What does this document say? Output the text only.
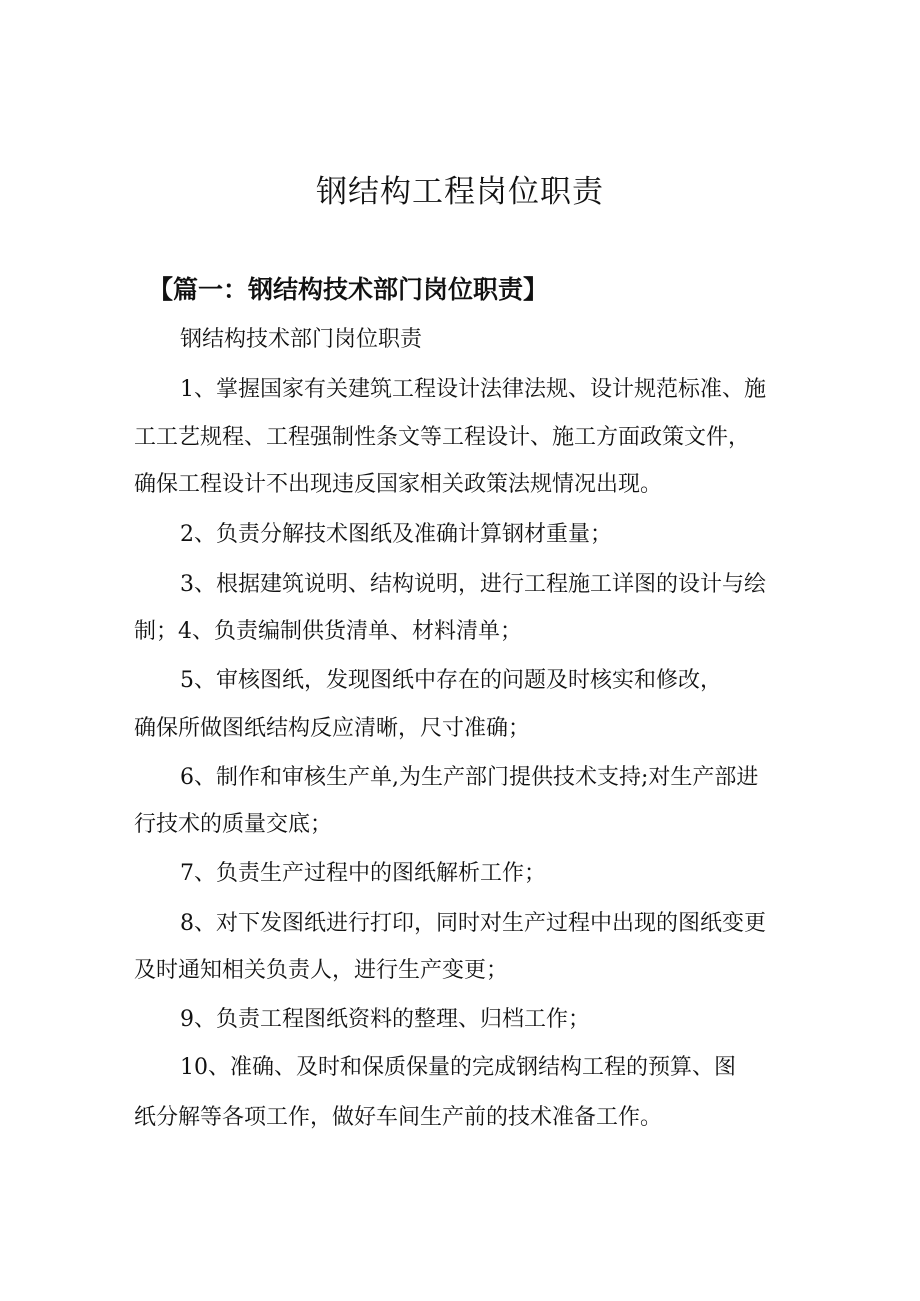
钢结构工程岗位职责
【篇一：钢结构技术部门岗位职责】

钢结构技术部门岗位职责

1、掌握国家有关建筑工程设计法律法规、设计规范标准、施

工工艺规程、工程强制性条文等工程设计、施工方面政策文件，

确保工程设计不出现违反国家相关政策法规情况出现。

2、负责分解技术图纸及准确计算钢材重量；

3、根据建筑说明、结构说明，进行工程施工详图的设计与绘

制；4、负责编制供货清单、材料清单；

5、审核图纸，发现图纸中存在的问题及时核实和修改，

确保所做图纸结构反应清晰，尺寸准确；

6、制作和审核生产单,为生产部门提供技术支持;对生产部进

行技术的质量交底；

7、负责生产过程中的图纸解析工作；

8、对下发图纸进行打印，同时对生产过程中出现的图纸变更

及时通知相关负责人，进行生产变更；

9、负责工程图纸资料的整理、归档工作；

10、准确、及时和保质保量的完成钢结构工程的预算、图

纸分解等各项工作，做好车间生产前的技术准备工作。
